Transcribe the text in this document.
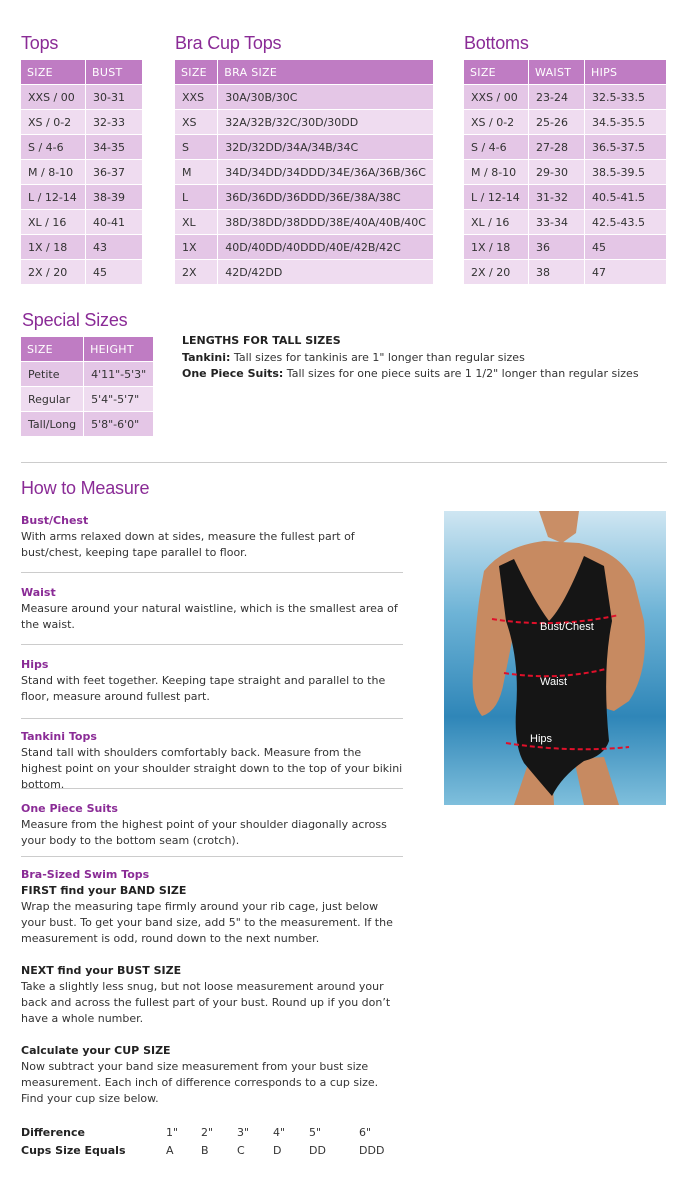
Tops	Bra Cup Tops	Bottoms
SIZE	BUST
XXS / 00	30-31
XS / 0-2	32-33
S / 4-6	34-35
M / 8-10	36-37
L / 12-14	38-39
XL / 16	40-41
1X / 18	43
2X / 20	45
SIZE	BRA SIZE
XXS	30A/30B/30C
XS	32A/32B/32C/30D/30DD
S	32D/32DD/34A/34B/34C
M	34D/34DD/34DDD/34E/36A/36B/36C
L	36D/36DD/36DDD/36E/38A/38C
XL	38D/38DD/38DDD/38E/40A/40B/40C
1X	40D/40DD/40DDD/40E/42B/42C
2X	42D/42DD
SIZE	WAIST	HIPS
XXS / 00	23-24	32.5-33.5
XS / 0-2	25-26	34.5-35.5
S / 4-6	27-28	36.5-37.5
M / 8-10	29-30	38.5-39.5
L / 12-14	31-32	40.5-41.5
XL / 16	33-34	42.5-43.5
1X / 18	36	45
2X / 20	38	47
Special Sizes
SIZE	HEIGHT
Petite	4'11"-5'3"
Regular	5'4"-5'7"
Tall/Long	5'8"-6'0"
LENGTHS FOR TALL SIZES
Tankini: Tall sizes for tankinis are 1" longer than regular sizes
One Piece Suits: Tall sizes for one piece suits are 1 1/2" longer than regular sizes
How to Measure
Bust/Chest
With arms relaxed down at sides, measure the fullest part of bust/chest, keeping tape parallel to floor.
Waist
Measure around your natural waistline, which is the smallest area of the waist.
Hips
Stand with feet together. Keeping tape straight and parallel to the floor, measure around fullest part.
Tankini Tops
Stand tall with shoulders comfortably back. Measure from the highest point on your shoulder straight down to the top of your bikini bottom.
One Piece Suits
Measure from the highest point of your shoulder diagonally across your body to the bottom seam (crotch).
Bra-Sized Swim Tops
FIRST find your BAND SIZE
Wrap the measuring tape firmly around your rib cage, just below your bust. To get your band size, add 5" to the measurement. If the measurement is odd, round down to the next number.
NEXT find your BUST SIZE
Take a slightly less snug, but not loose measurement around your back and across the fullest part of your bust. Round up if you don’t have a whole number.
Calculate your CUP SIZE
Now subtract your band size measurement from your bust size measurement. Each inch of difference corresponds to a cup size. Find your cup size below.
Difference	1" 2" 3" 4" 5"	6"
Cups Size Equals	A B	C	D	DD	DDD
Bust/Chest
Waist
Hips
